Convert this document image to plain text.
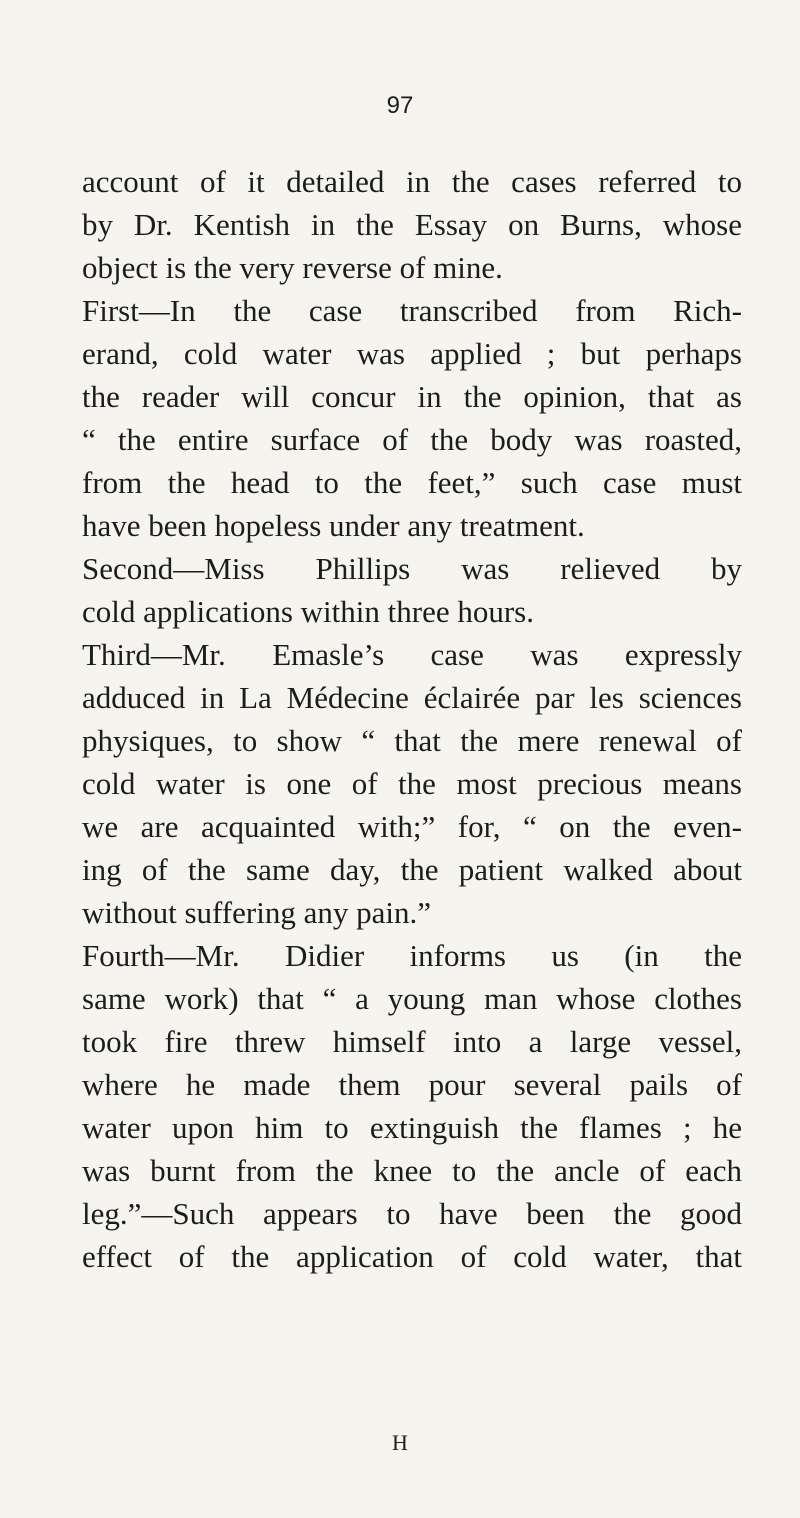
97
account of it detailed in the cases referred to
by Dr. Kentish in the Essay on Burns, whose
object is the very reverse of mine.
First—In the case transcribed from Rich-
erand, cold water was applied ; but perhaps
the reader will concur in the opinion, that as
“ the entire surface of the body was roasted,
from the head to the feet,” such case must
have been hopeless under any treatment.
Second—Miss Phillips was relieved by
cold applications within three hours.
Third—Mr. Emasle’s case was expressly
adduced in La Médecine éclairée par les sciences
physiques, to show “ that the mere renewal of
cold water is one of the most precious means
we are acquainted with;” for, “ on the even-
ing of the same day, the patient walked about
without suffering any pain.”
Fourth—Mr. Didier informs us (in the
same work) that “ a young man whose clothes
took fire threw himself into a large vessel,
where he made them pour several pails of
water upon him to extinguish the flames ; he
was burnt from the knee to the ancle of each
leg.”—Such appears to have been the good
effect of the application of cold water, that
H
